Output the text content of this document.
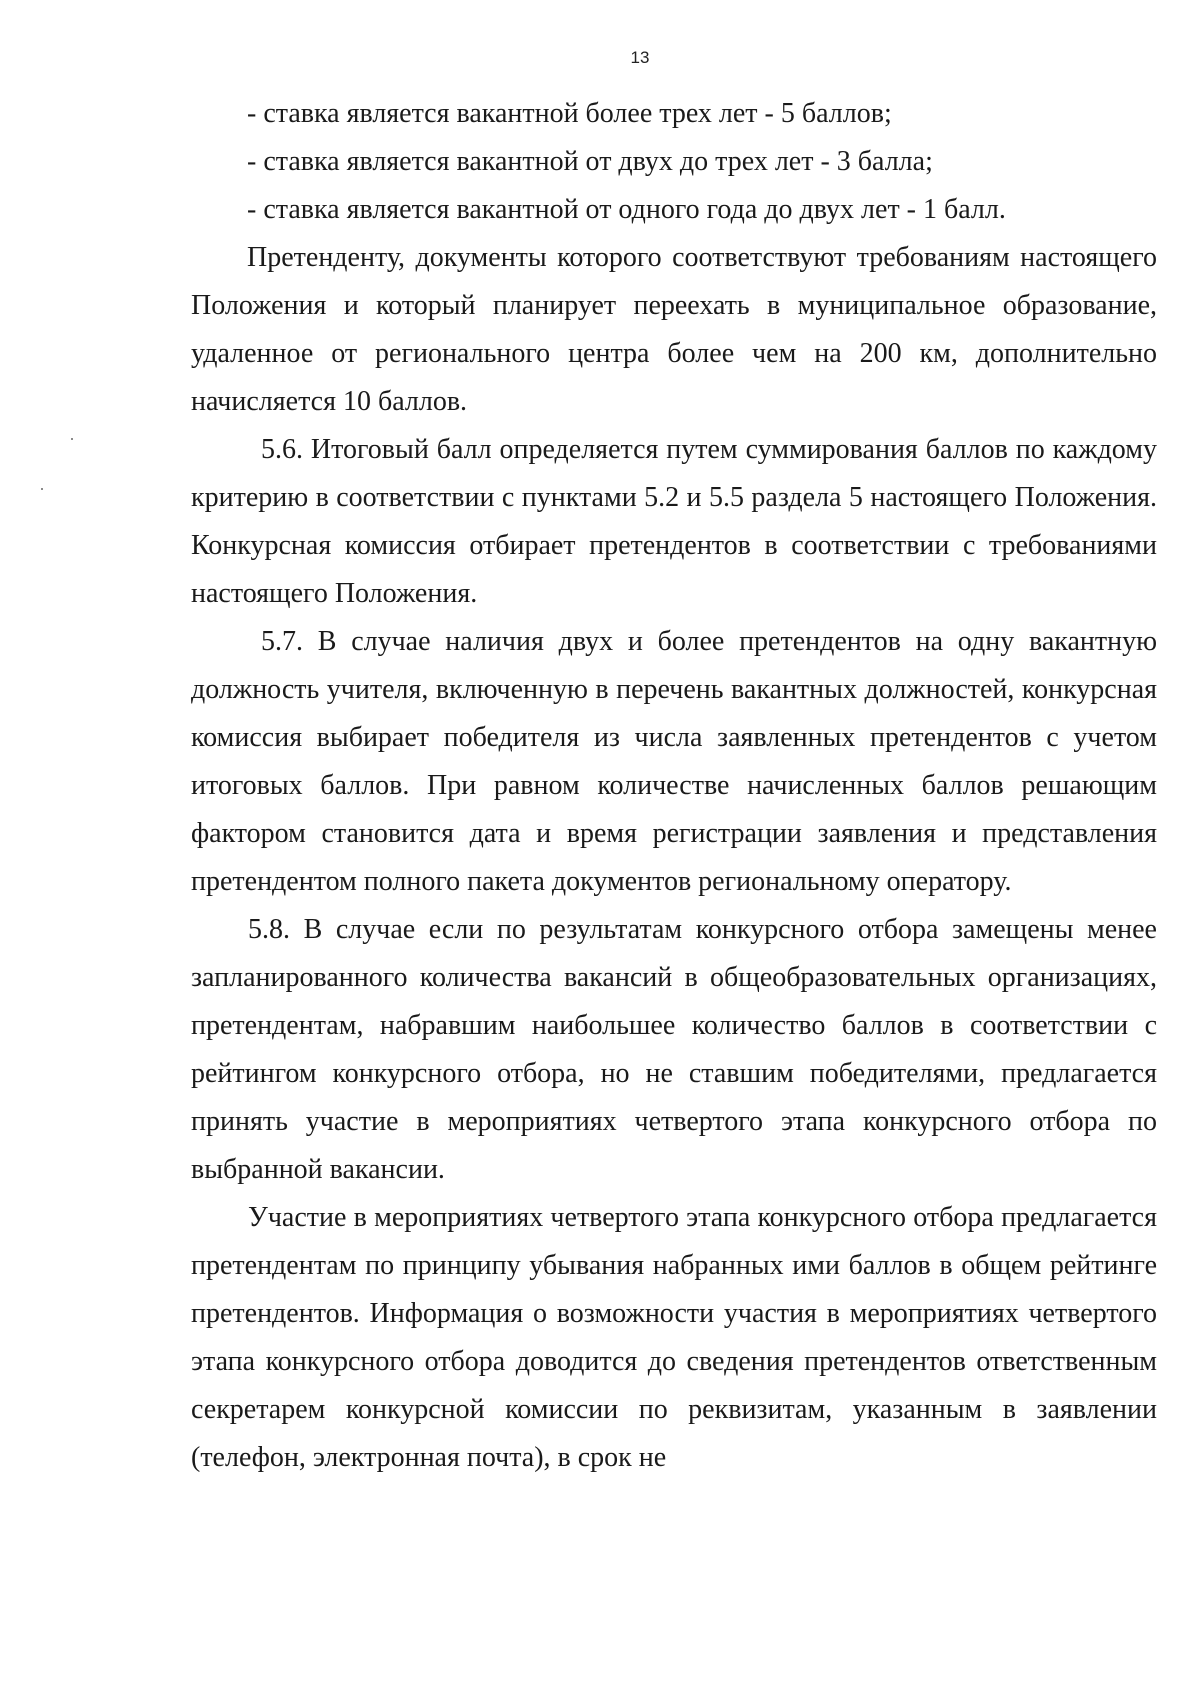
13

- ставка является вакантной более трех лет - 5 баллов;

- ставка является вакантной от двух до трех лет - 3 балла;

- ставка является вакантной от одного года до двух лет - 1 балл.

Претенденту, документы которого соответствуют требованиям настоящего Положения и который планирует переехать в муниципальное образование, удаленное от регионального центра более чем на 200 км, дополнительно начисляется 10 баллов.

5.6. Итоговый балл определяется путем суммирования баллов по каждому критерию в соответствии с пунктами 5.2 и 5.5 раздела 5 настоящего Положения. Конкурсная комиссия отбирает претендентов в соответствии с требованиями настоящего Положения.

5.7. В случае наличия двух и более претендентов на одну вакантную должность учителя, включенную в перечень вакантных должностей, конкурсная комиссия выбирает победителя из числа заявленных претендентов с учетом итоговых баллов. При равном количестве начисленных баллов решающим фактором становится дата и время регистрации заявления и представления претендентом полного пакета документов региональному оператору.

5.8. В случае если по результатам конкурсного отбора замещены менее запланированного количества вакансий в общеобразовательных организациях, претендентам, набравшим наибольшее количество баллов в соответствии с рейтингом конкурсного отбора, но не ставшим победителями, предлагается принять участие в мероприятиях четвертого этапа конкурсного отбора по выбранной вакансии.

Участие в мероприятиях четвертого этапа конкурсного отбора предлагается претендентам по принципу убывания набранных ими баллов в общем рейтинге претендентов. Информация о возможности участия в мероприятиях четвертого этапа конкурсного отбора доводится до сведения претендентов ответственным секретарем конкурсной комиссии по реквизитам, указанным в заявлении (телефон, электронная почта), в срок не
